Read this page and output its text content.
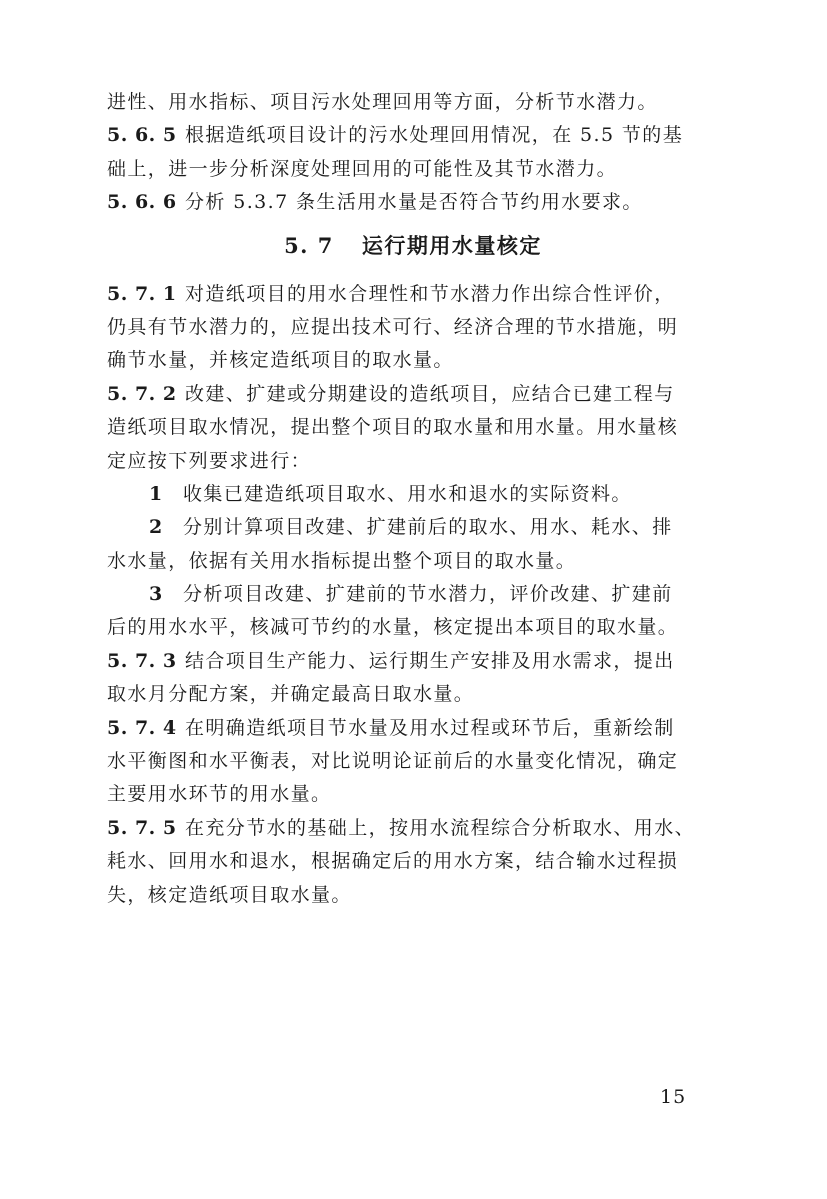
进性、用水指标、项目污水处理回用等方面，分析节水潜力。
5. 6. 5 根据造纸项目设计的污水处理回用情况，在 5.5 节的基
础上，进一步分析深度处理回用的可能性及其节水潜力。
5. 6. 6 分析 5.3.7 条生活用水量是否符合节约用水要求。
5. 7 运行期用水量核定
5. 7. 1 对造纸项目的用水合理性和节水潜力作出综合性评价，
仍具有节水潜力的，应提出技术可行、经济合理的节水措施，明
确节水量，并核定造纸项目的取水量。
5. 7. 2 改建、扩建或分期建设的造纸项目，应结合已建工程与
造纸项目取水情况，提出整个项目的取水量和用水量。用水量核
定应按下列要求进行：
1 收集已建造纸项目取水、用水和退水的实际资料。
2 分别计算项目改建、扩建前后的取水、用水、耗水、排
水水量，依据有关用水指标提出整个项目的取水量。
3 分析项目改建、扩建前的节水潜力，评价改建、扩建前
后的用水水平，核减可节约的水量，核定提出本项目的取水量。
5. 7. 3 结合项目生产能力、运行期生产安排及用水需求，提出
取水月分配方案，并确定最高日取水量。
5. 7. 4 在明确造纸项目节水量及用水过程或环节后，重新绘制
水平衡图和水平衡表，对比说明论证前后的水量变化情况，确定
主要用水环节的用水量。
5. 7. 5 在充分节水的基础上，按用水流程综合分析取水、用水、
耗水、回用水和退水，根据确定后的用水方案，结合输水过程损
失，核定造纸项目取水量。
15
